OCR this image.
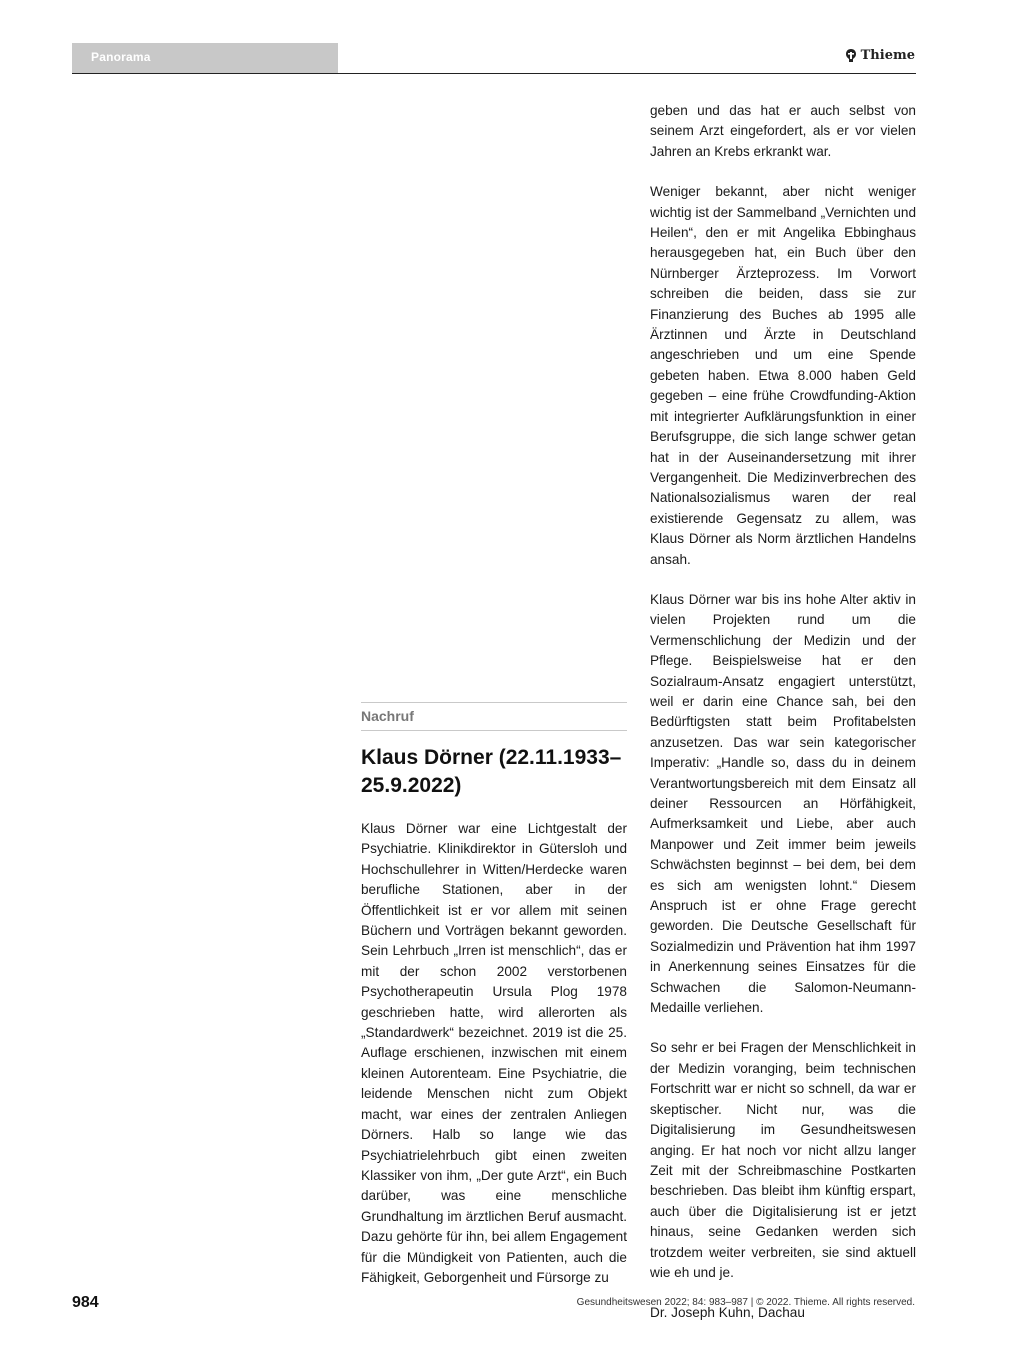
Panorama	Thieme
Nachruf
Klaus Dörner (22.11.1933–25.9.2022)

Klaus Dörner war eine Lichtgestalt der Psychiatrie. Klinikdirektor in Gütersloh und Hochschullehrer in Witten/Herdecke waren berufliche Stationen, aber in der Öffentlichkeit ist er vor allem mit seinen Büchern und Vorträgen bekannt geworden. Sein Lehrbuch „Irren ist menschlich“, das er mit der schon 2002 verstorbenen Psychotherapeutin Ursula Plog 1978 geschrieben hatte, wird allerorten als „Standardwerk“ bezeichnet. 2019 ist die 25. Auflage erschienen, inzwischen mit einem kleinen Autorenteam. Eine Psychiatrie, die leidende Menschen nicht zum Objekt macht, war eines der zentralen Anliegen Dörners. Halb so lange wie das Psychiatrielehrbuch gibt einen zweiten Klassiker von ihm, „Der gute Arzt“, ein Buch darüber, was eine menschliche Grundhaltung im ärztlichen Beruf ausmacht. Dazu gehörte für ihn, bei allem Engagement für die Mündigkeit von Patienten, auch die Fähigkeit, Geborgenheit und Fürsorge zu

geben und das hat er auch selbst von seinem Arzt eingefordert, als er vor vielen Jahren an Krebs erkrankt war.

Weniger bekannt, aber nicht weniger wichtig ist der Sammelband „Vernichten und Heilen“, den er mit Angelika Ebbinghaus herausgegeben hat, ein Buch über den Nürnberger Ärzteprozess. Im Vorwort schreiben die beiden, dass sie zur Finanzierung des Buches ab 1995 alle Ärztinnen und Ärzte in Deutschland angeschrieben und um eine Spende gebeten haben. Etwa 8.000 haben Geld gegeben – eine frühe Crowdfunding-Aktion mit integrierter Aufklärungsfunktion in einer Berufsgruppe, die sich lange schwer getan hat in der Auseinandersetzung mit ihrer Vergangenheit. Die Medizinverbrechen des Nationalsozialismus waren der real existierende Gegensatz zu allem, was Klaus Dörner als Norm ärztlichen Handelns ansah.

Klaus Dörner war bis ins hohe Alter aktiv in vielen Projekten rund um die Vermenschlichung der Medizin und der Pflege. Beispielsweise hat er den Sozialraum-Ansatz engagiert unterstützt, weil er darin eine Chance sah, bei den Bedürftigsten statt beim Profitabelsten anzusetzen. Das war sein kategorischer Imperativ: „Handle so, dass du in deinem Verantwortungsbereich mit dem Einsatz all deiner Ressourcen an Hörfähigkeit, Aufmerksamkeit und Liebe, aber auch Manpower und Zeit immer beim jeweils Schwächsten beginnst – bei dem, bei dem es sich am wenigsten lohnt.“ Diesem Anspruch ist er ohne Frage gerecht geworden. Die Deutsche Gesellschaft für Sozialmedizin und Prävention hat ihm 1997 in Anerkennung seines Einsatzes für die Schwachen die Salomon-Neumann-Medaille verliehen.

So sehr er bei Fragen der Menschlichkeit in der Medizin voranging, beim technischen Fortschritt war er nicht so schnell, da war er skeptischer. Nicht nur, was die Digitalisierung im Gesundheitswesen anging. Er hat noch vor nicht allzu langer Zeit mit der Schreibmaschine Postkarten beschrieben. Das bleibt ihm künftig erspart, auch über die Digitalisierung ist er jetzt hinaus, seine Gedanken werden sich trotzdem weiter verbreiten, sie sind aktuell wie eh und je.

Dr. Joseph Kuhn, Dachau

984	Gesundheitswesen 2022; 84: 983–987 | © 2022. Thieme. All rights reserved.
